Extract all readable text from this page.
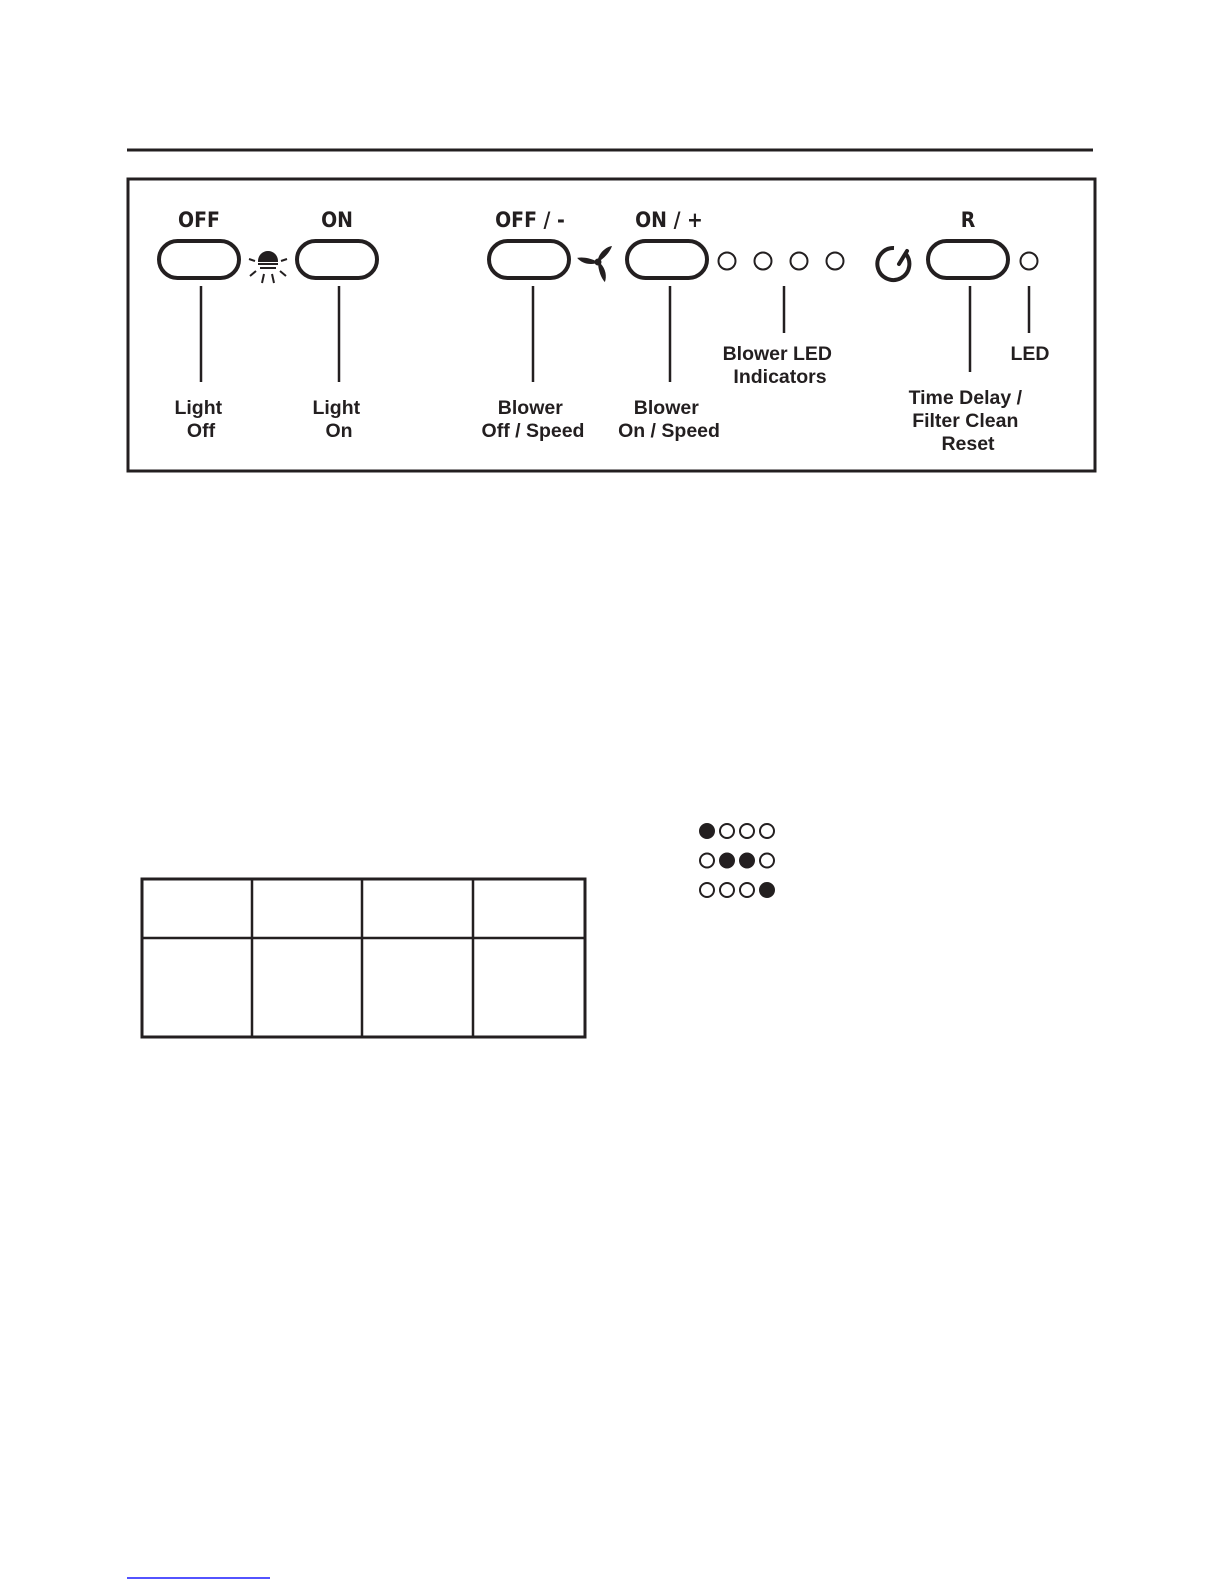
OFF	ON	OFF / -	ON / +	R
Light Off
Light On
Blower Off / Speed
Blower On / Speed
Blower LED Indicators
Time Delay / Filter Clean Reset
LED
